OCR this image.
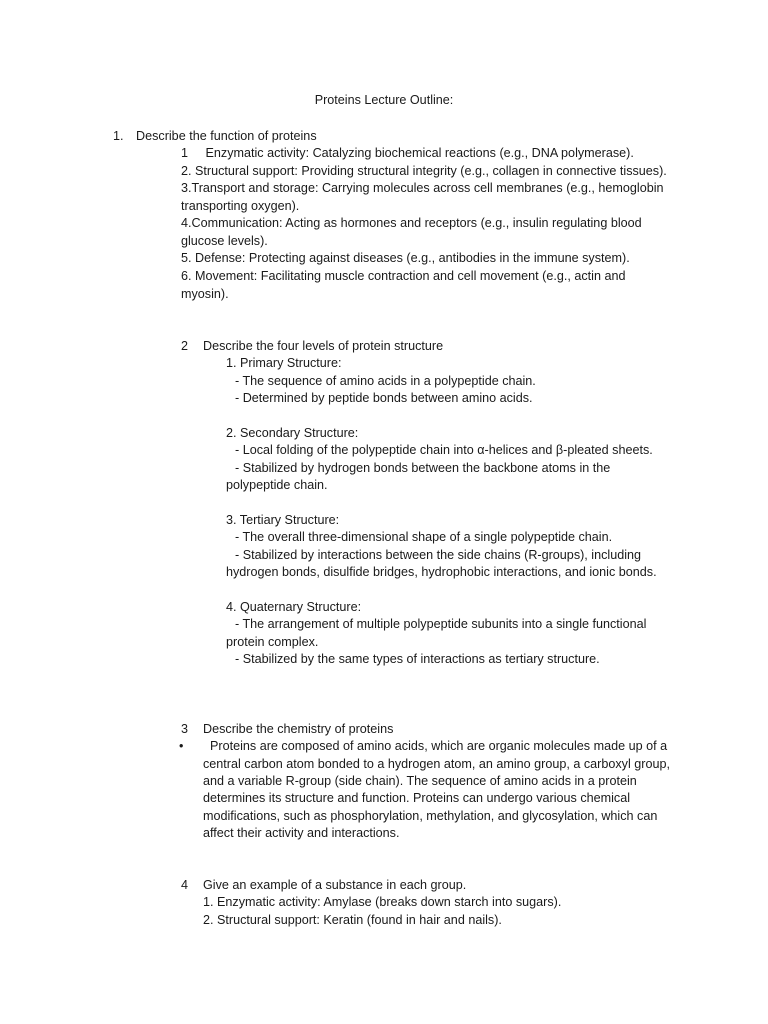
Proteins Lecture Outline:
1. Describe the function of proteins
1     Enzymatic activity: Catalyzing biochemical reactions (e.g., DNA polymerase).
2. Structural support: Providing structural integrity (e.g., collagen in connective tissues).
3.Transport and storage: Carrying molecules across cell membranes (e.g., hemoglobin
transporting oxygen).
4.Communication: Acting as hormones and receptors (e.g., insulin regulating blood
glucose levels).
5. Defense: Protecting against diseases (e.g., antibodies in the immune system).
6. Movement: Facilitating muscle contraction and cell movement (e.g., actin and
myosin).
2 Describe the four levels of protein structure
1. Primary Structure:
- The sequence of amino acids in a polypeptide chain.
- Determined by peptide bonds between amino acids.
2. Secondary Structure:
- Local folding of the polypeptide chain into α-helices and β-pleated sheets.
- Stabilized by hydrogen bonds between the backbone atoms in the
polypeptide chain.
3. Tertiary Structure:
- The overall three-dimensional shape of a single polypeptide chain.
- Stabilized by interactions between the side chains (R-groups), including
hydrogen bonds, disulfide bridges, hydrophobic interactions, and ionic bonds.
4. Quaternary Structure:
- The arrangement of multiple polypeptide subunits into a single functional
protein complex.
- Stabilized by the same types of interactions as tertiary structure.
3 Describe the chemistry of proteins
• Proteins are composed of amino acids, which are organic molecules made up of a
central carbon atom bonded to a hydrogen atom, an amino group, a carboxyl group,
and a variable R-group (side chain). The sequence of amino acids in a protein
determines its structure and function. Proteins can undergo various chemical
modifications, such as phosphorylation, methylation, and glycosylation, which can
affect their activity and interactions.
4 Give an example of a substance in each group.
1. Enzymatic activity: Amylase (breaks down starch into sugars).
2. Structural support: Keratin (found in hair and nails).
